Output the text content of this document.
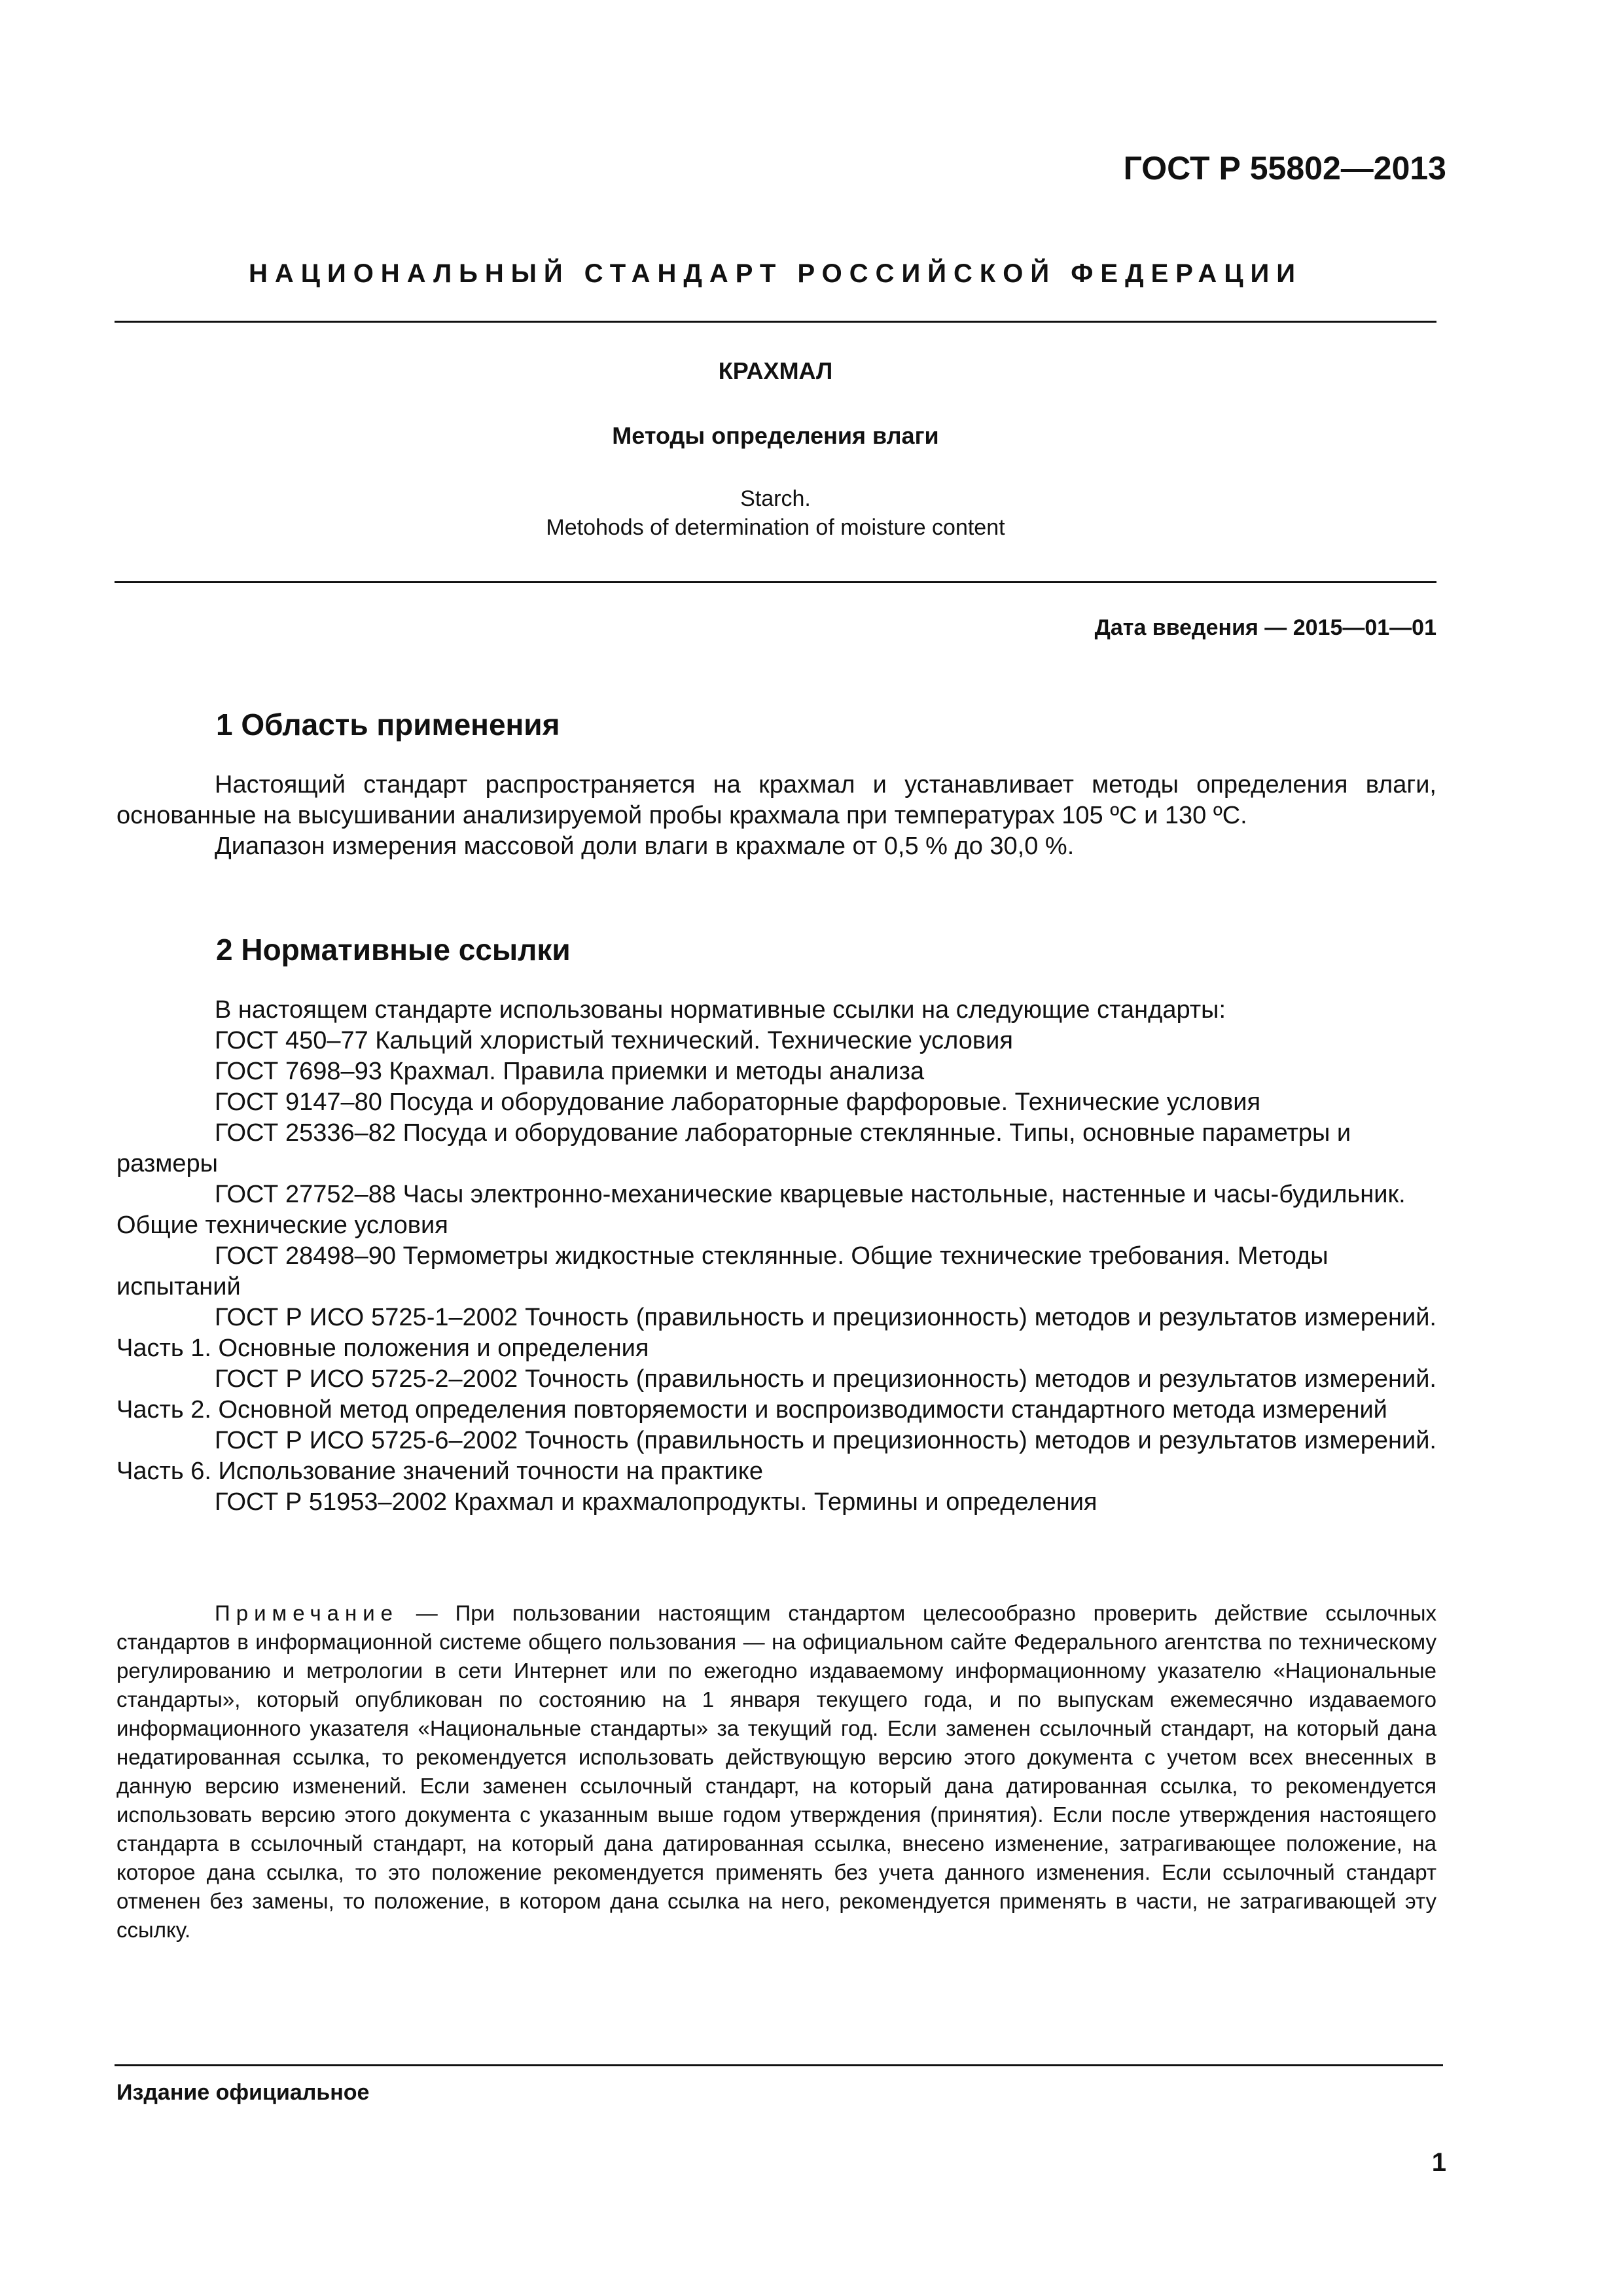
ГОСТ Р 55802—2013
НАЦИОНАЛЬНЫЙ СТАНДАРТ РОССИЙСКОЙ ФЕДЕРАЦИИ
КРАХМАЛ
Методы определения влаги
Starch.
Metohods of determination of moisture content
Дата введения — 2015—01—01
1 Область применения

Настоящий стандарт распространяется на крахмал и устанавливает методы определения влаги, основанные на высушивании анализируемой пробы крахмала при температурах 105 ºС и 130 ºС.

Диапазон измерения массовой доли влаги в крахмале от 0,5 % до 30,0 %.

2 Нормативные ссылки

В настоящем стандарте использованы нормативные ссылки на следующие стандарты:

ГОСТ 450–77 Кальций хлористый технический. Технические условия

ГОСТ 7698–93 Крахмал. Правила приемки и методы анализа

ГОСТ 9147–80 Посуда и оборудование лабораторные фарфоровые. Технические условия

ГОСТ 25336–82 Посуда и оборудование лабораторные стеклянные. Типы, основные параметры и размеры

ГОСТ 27752–88 Часы электронно-механические кварцевые настольные, настенные и часы-будильник. Общие технические условия

ГОСТ 28498–90 Термометры жидкостные стеклянные. Общие технические требования. Методы испытаний

ГОСТ Р ИСО 5725-1–2002 Точность (правильность и прецизионность) методов и результатов измерений. Часть 1. Основные положения и определения

ГОСТ Р ИСО 5725-2–2002 Точность (правильность и прецизионность) методов и результатов измерений. Часть 2. Основной метод определения повторяемости и воспроизводимости стандартного метода измерений

ГОСТ Р ИСО 5725-6–2002 Точность (правильность и прецизионность) методов и результатов измерений. Часть 6. Использование значений точности на практике

ГОСТ Р 51953–2002 Крахмал и крахмалопродукты. Термины и определения

Примечание — При пользовании настоящим стандартом целесообразно проверить действие ссылочных стандартов в информационной системе общего пользования — на официальном сайте Федерального агентства по техническому регулированию и метрологии в сети Интернет или по ежегодно издаваемому информационному указателю «Национальные стандарты», который опубликован по состоянию на 1 января текущего года, и по выпускам ежемесячно издаваемого информационного указателя «Национальные стандарты» за текущий год. Если заменен ссылочный стандарт, на который дана недатированная ссылка, то рекомендуется использовать действующую версию этого документа с учетом всех внесенных в данную версию изменений. Если заменен ссылочный стандарт, на который дана датированная ссылка, то рекомендуется использовать версию этого документа с указанным выше годом утверждения (принятия). Если после утверждения настоящего стандарта в ссылочный стандарт, на который дана датированная ссылка, внесено изменение, затрагивающее положение, на которое дана ссылка, то это положение рекомендуется применять без учета данного изменения. Если ссылочный стандарт отменен без замены, то положение, в котором дана ссылка на него, рекомендуется применять в части, не затрагивающей эту ссылку.

Издание официальное
1
